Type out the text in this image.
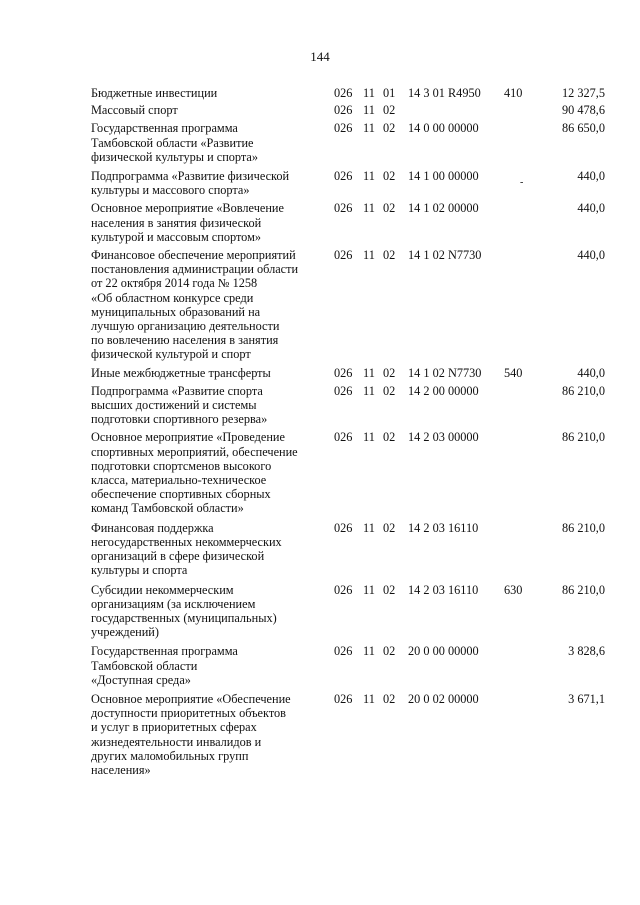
144
Бюджетные инвестиции	026 11 01 14 3 01 R4950 410	12 327,5
Массовый спорт	026 11 02	90 478,6
Государственная программа
Тамбовской области «Развитие
физической культуры и спорта»
026 11 02 14 0 00 00000	86 650,0
Подпрограмма «Развитие физической
культуры и массового спорта»
026 11 02 14 1 00 00000	440,0
Основное мероприятие «Вовлечение
населения в занятия физической
культурой и массовым спортом»
026 11 02 14 1 02 00000	440,0
Финансовое обеспечение мероприятий
постановления администрации области
от 22 октября 2014 года № 1258
«Об областном конкурсе среди
муниципальных образований на
лучшую организацию деятельности
по вовлечению населения в занятия
физической культурой и спорт
026 11 02 14 1 02 N7730	440,0
Иные межбюджетные трансферты	026 11 02 14 1 02 N7730 540	440,0
Подпрограмма «Развитие спорта
высших достижений и системы
подготовки спортивного резерва»
026 11 02 14 2 00 00000	86 210,0
Основное мероприятие «Проведение
спортивных мероприятий, обеспечение
подготовки спортсменов высокого
класса, материально-техническое
обеспечение спортивных сборных
команд Тамбовской области»
026 11 02 14 2 03 00000	86 210,0
Финансовая поддержка
негосударственных некоммерческих
организаций в сфере физической
культуры и спорта
026 11 02 14 2 03 16110	86 210,0
Субсидии некоммерческим
организациям (за исключением
государственных (муниципальных)
учреждений)
026 11 02 14 2 03 16110 630	86 210,0
Государственная программа
Тамбовской области
«Доступная среда»
026 11 02 20 0 00 00000	3 828,6
Основное мероприятие «Обеспечение
доступности приоритетных объектов
и услуг в приоритетных сферах
жизнедеятельности инвалидов и
других маломобильных групп
населения»
026 11 02 20 0 02 00000	3 671,1
-
